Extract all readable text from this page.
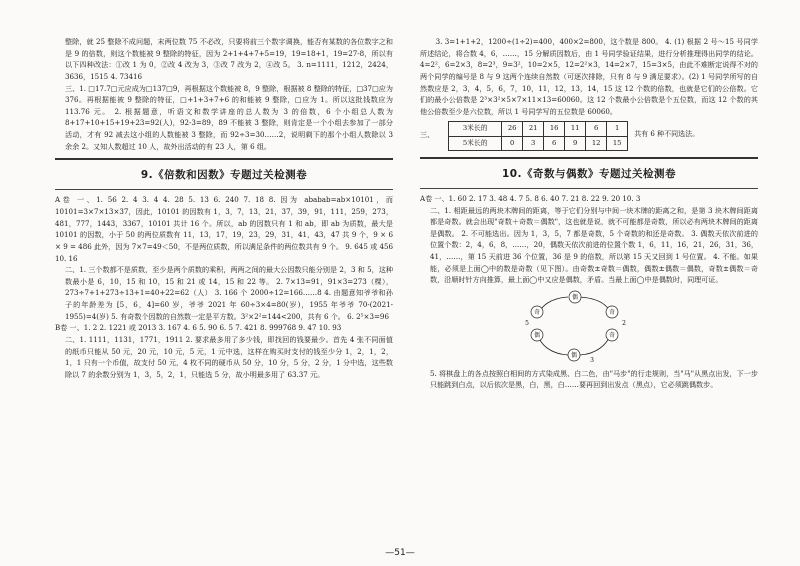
整除，就 25 整除不成问题，末两位数 75 不必改，只要将前三个数字调换，能否有某数的各位数字之和是 9 的倍数，则这个数能被 9 整除的特征，因为 2+1+4+7+5=19，19=18+1，19=27-8，所以有以下四种改法：①改 1 为 0，②改 4 改为 3，③改 7 改为 2，④改 5。 3. n=1111，1212，2424，3636，1515 4. 73416

三、1. □17.7□元应成为□137□9，再根据这个数能被 8，9 整除，根据被 8 整除的特征，□37□应为 376。再根据能被 9 整除的特征，□+1+3+7+6 的和能被 9 整除，□应为 1。所以这批钱数应为 113.76 元。 2. 根据题意，听语文和数学讲座的总人数为 3 的倍数，6 个小组总人数为 8+17+10+15+19+23=92(人)，92-3=89，89 不能被 3 整除，则肯定是一个小组去参加了一部分活动，才有 92 减去这小组的人数能被 3 整除，而 92÷3=30……2，说明剩下的那个小组人数除以 3 余余 2。又知人数超过 10 人，故外出活动的有 23 人，第 6 组。

9.《倍数和因数》专题过关检测卷

A卷 一、1. 56 2. 4 3. 4 4. 28 5. 13 6. 240 7. 18 8. 因为 ababab=ab×10101，而 10101=3×7×13×37，因此，10101 的因数有 1，3，7，13，21，37，39，91，111，259，273，481，777，1443，3367，10101 共计 16 个。所以，ab 的因数只有 1 和 ab，即 ab 为质数，最大是 10101 的因数，小于 50 的两位质数有 11，13，17，19，23，29，31，41，43，47 共 9 个，9 × 6 × 9 = 486 此外，因为 7×7=49＜50，不是两位质数，所以满足条件的两位数共有 9 个。 9. 645 或 456 10. 16

二、1. 三个数都不是质数，至少是两个质数的乘积，两两之间的最大公因数只能分别是 2，3 和 5，这种数最小是 6，10，15 和 10，15 和 21 或 14，15 和 22 等。 2. 7×13=91，91×3=273（棵），273÷7+1+273÷13+1=40+22=62（人） 3. 166 个 2000÷12=166……8 4. 由题意知爷爷和孙子的年龄差为 [5，6，4]=60 岁，爷爷 2021 年 60÷3×4=80(岁)，1955 年爷爷 70-(2021-1955)=4(岁) 5. 有奇数个因数的自然数一定是平方数。3²×2²=144<200，共有 6 个。 6. 2⁵×3=96

B卷 一、1. 2 2. 1221 或 2013 3. 167 4. 6 5. 90 6. 5 7. 421 8. 999768 9. 47 10. 93

二、1. 1111，1131，1771，1911 2. 要求最多用了多少钱，即找回的钱要最少。首先 4 张不同面值的纸币只能从 50 元，20 元，10 元，5 元，1 元中选，这样在购买时支付的钱至少分 1，2，1，2，1，1 只有一个币值，故支付 50 元，4 枚不同的硬币从 50 分，10 分，5 分，2 分，1 分中选，这些数除以 7 的余数分别为 1，3，5，2，1，只能选 5 分，故小明最多用了 63.37 元。

3. 3=1+1+2，1200÷(1÷2)=400，400×2=800，这个数是 800。 4. (1) 根据 2 号～15 号同学所述结论，将合数 4，6，……，15 分解质因数后，由 1 号同学验证结果，进行分析推理得出同学的结论。4=2²，6=2×3，8=2³，9=3²，10=2×5，12=2²×3，14=2×7，15=3×5，由此不难断定说得不对的两个同学的编号是 8 与 9 这两个连续自然数（可逐次排除，只有 8 与 9 满足要求）。(2) 1 号同学所写的自然数应是 2，3，4，5，6，7，10，11，12，13，14，15 这 12 个数的倍数，也就是它们的公倍数。它们的最小公倍数是 2³×3²×5×7×11×13=60060。这 12 个数最小公倍数是个五位数，而这 12 个数的其他公倍数至少是六位数，所以 1 号同学写的五位数是 60060。

三、
3米长的	26	21	16	11	6	1
5米长的	0	3	6	9	12	15
共有 6 种不同选法。
10.《奇数与偶数》专题过关检测卷

A卷 一、1. 60 2. 17 3. 48 4. 7 5. 8 6. 40 7. 21 8. 22 9. 20 10. 3

二、1. 相距最远的两块木牌间的距离，等于它们分别与中间一块木牌的距离之和，是第 3 块木牌间距离都是奇数。就会出现"奇数＋奇数＝偶数"，这也就是说，就不可能都是奇数，所以必有两块木牌间的距离是偶数。 2. 不可能选出。因为 1，3，5，7 都是奇数，5 个奇数的和还是奇数。 3. 偶数天依次前进的位置个数：2，4，6，8，……，20，偶数天依次前进的位置个数 1，6，11，16，21，26，31，36，41，……，第 15 天前进 36 个位置，36 是 9 的倍数，所以第 15 天又回到 1 号位置。 4. 不能。如果能，必须是上面◯中的数是奇数（见下图）。由奇数±奇数＝偶数，偶数±偶数＝偶数，奇数±偶数＝奇数，沿顺时针方向推算，最上面◯中又应是偶数，矛盾。当最上面◯中是偶数时，同理可证。

偶
奇
奇
偶
偶
奇
2
5
3

5. 将棋盘上的各点按照白相间的方式染成黑、白二色，由"马步"的行走规则，当"马"从黑点出发，下一步只能跳到白点，以后依次是黑，白，黑，白……要再回到出发点（黑点），它必须跳偶数步。

—51—
